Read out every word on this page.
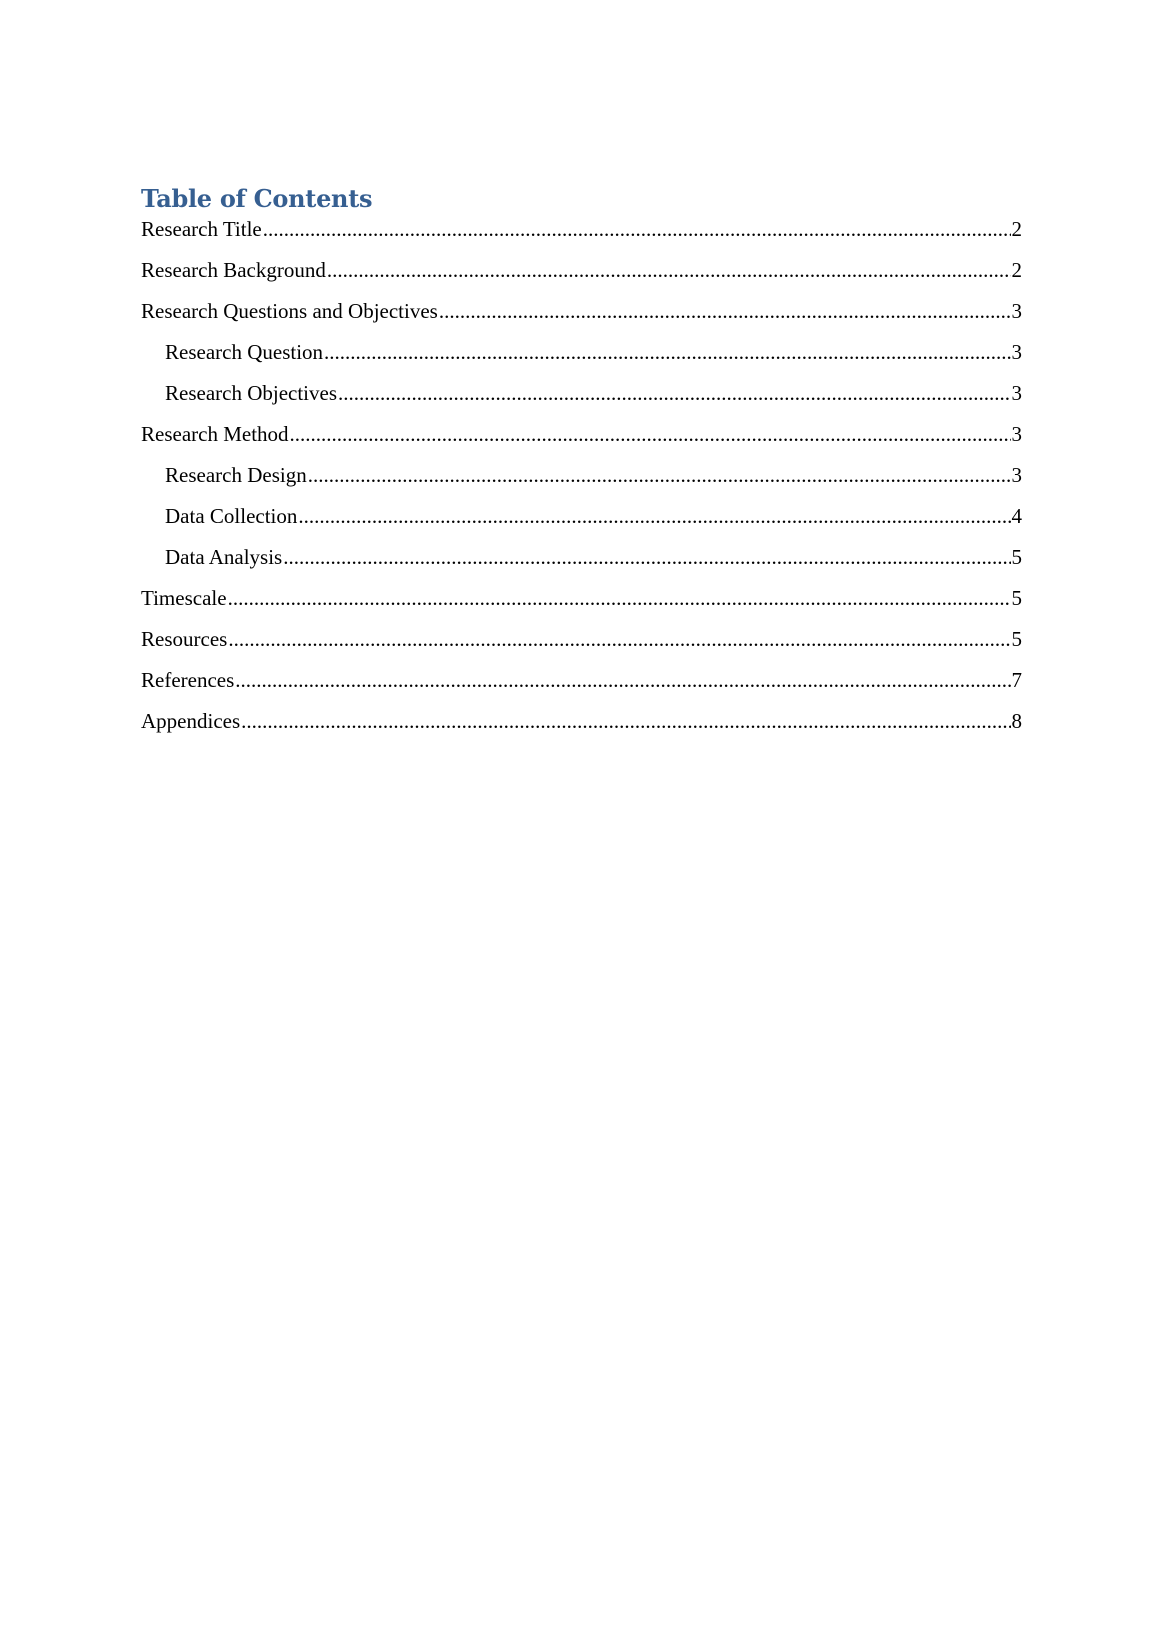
Table of Contents
Research Title .....	2
Research Background .....	2
Research Questions and Objectives .....	3
Research Question .....	3
Research Objectives .....	3
Research Method .....	3
Research Design .....	3
Data Collection .....	4
Data Analysis .....	5
Timescale .....	5
Resources .....	5
References .....	7
Appendices .....	8
